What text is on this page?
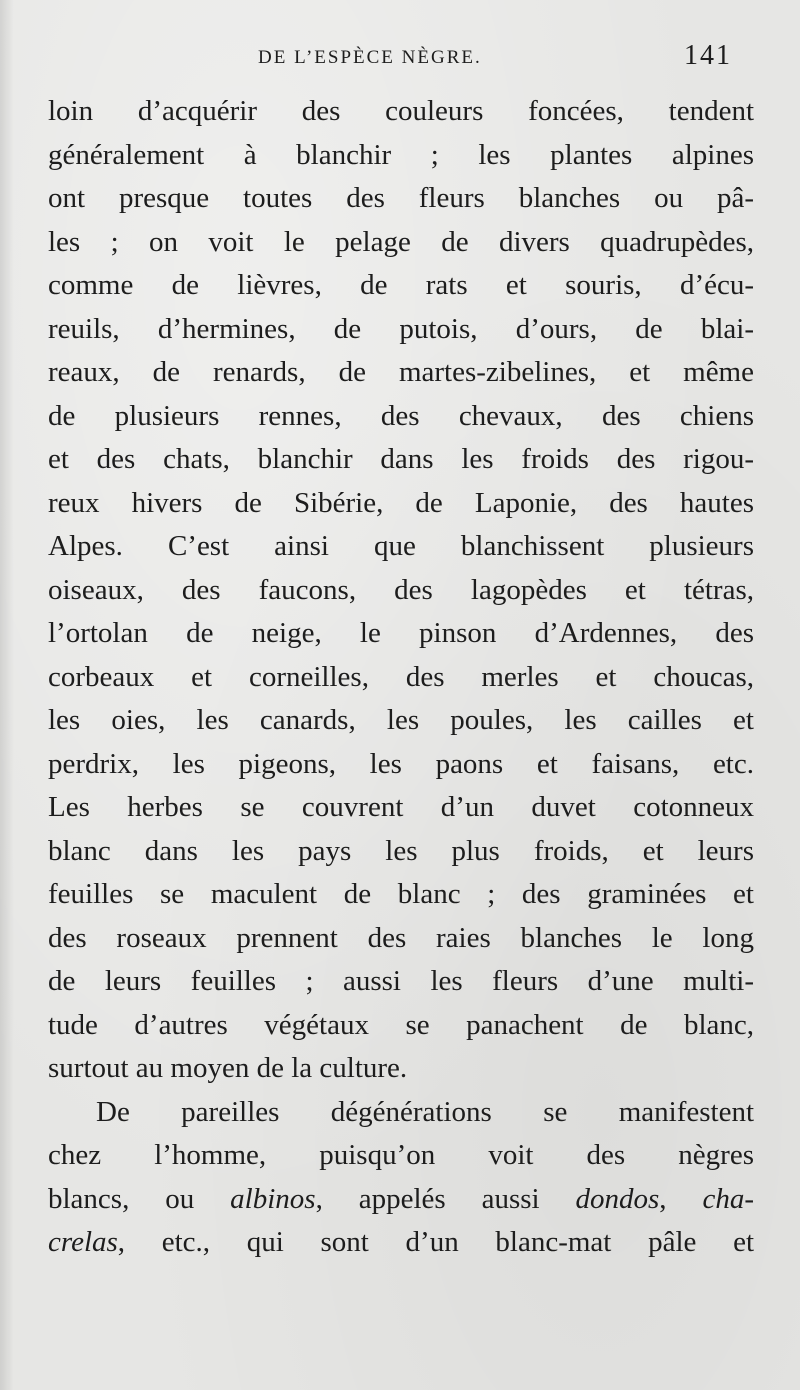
DE L’ESPÈCE NÈGRE.	141
loin d’acquérir des couleurs foncées, tendent
généralement à blanchir ; les plantes alpines
ont presque toutes des fleurs blanches ou pâ-
les ; on voit le pelage de divers quadrupèdes,
comme de lièvres, de rats et souris, d’écu-
reuils, d’hermines, de putois, d’ours, de blai-
reaux, de renards, de martes-zibelines, et même
de plusieurs rennes, des chevaux, des chiens
et des chats, blanchir dans les froids des rigou-
reux hivers de Sibérie, de Laponie, des hautes
Alpes. C’est ainsi que blanchissent plusieurs
oiseaux, des faucons, des lagopèdes et tétras,
l’ortolan de neige, le pinson d’Ardennes, des
corbeaux et corneilles, des merles et choucas,
les oies, les canards, les poules, les cailles et
perdrix, les pigeons, les paons et faisans, etc.
Les herbes se couvrent d’un duvet cotonneux
blanc dans les pays les plus froids, et leurs
feuilles se maculent de blanc ; des graminées et
des roseaux prennent des raies blanches le long
de leurs feuilles ; aussi les fleurs d’une multi-
tude d’autres végétaux se panachent de blanc,
surtout au moyen de la culture.
De pareilles dégénérations se manifestent
chez l’homme, puisqu’on voit des nègres
blancs, ou albinos, appelés aussi dondos, cha-
crelas, etc., qui sont d’un blanc-mat pâle et
